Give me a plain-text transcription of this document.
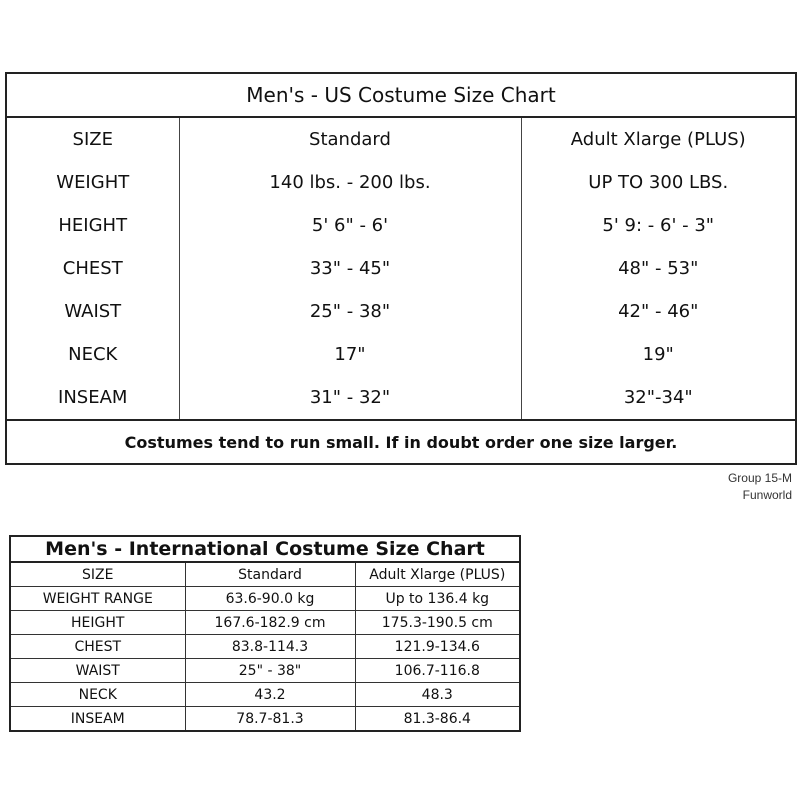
Men's - US Costume Size Chart		
SIZE	Standard	Adult Xlarge (PLUS)
WEIGHT	140 lbs. - 200 lbs.	UP TO 300 LBS.
HEIGHT	5' 6" - 6'	5' 9: - 6' - 3"
CHEST	33" - 45"	48" - 53"
WAIST	25" - 38"	42" - 46"
NECK	17"	19"
INSEAM	31" - 32"	32"-34"
Costumes tend to run small. If in doubt order one size larger.		
Group 15-M
Funworld
Men's - International Costume Size Chart		
SIZE	Standard	Adult Xlarge (PLUS)
WEIGHT RANGE	63.6-90.0 kg	Up to 136.4 kg
HEIGHT	167.6-182.9 cm	175.3-190.5 cm
CHEST	83.8-114.3	121.9-134.6
WAIST	25" - 38"	106.7-116.8
NECK	43.2	48.3
INSEAM	78.7-81.3	81.3-86.4
